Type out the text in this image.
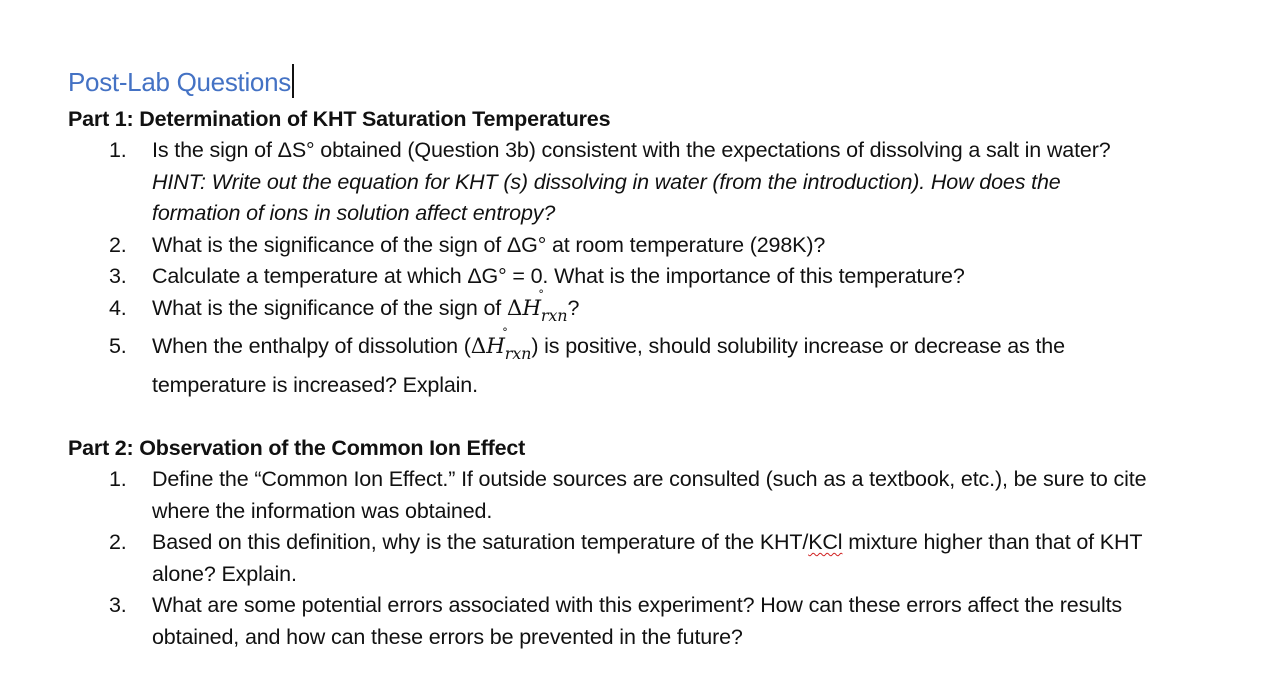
Post-Lab Questions
Part 1: Determination of KHT Saturation Temperatures
1. Is the sign of ΔS° obtained (Question 3b) consistent with the expectations of dissolving a salt in water?
HINT: Write out the equation for KHT (s) dissolving in water (from the introduction). How does the formation of ions in solution affect entropy?
2. What is the significance of the sign of ΔG° at room temperature (298K)?
3. Calculate a temperature at which ΔG° = 0. What is the importance of this temperature?
4. What is the significance of the sign of ΔH
°
$_{rxn}$?
5. When the enthalpy of dissolution (ΔH
°
$_{rxn}$) is positive, should solubility increase or decrease as the temperature is increased? Explain.
Part 2: Observation of the Common Ion Effect
1. Define the “Common Ion Effect.” If outside sources are consulted (such as a textbook, etc.), be sure to cite where the information was obtained.
2. Based on this definition, why is the saturation temperature of the KHT/KCl mixture higher than that of KHT alone? Explain.
3. What are some potential errors associated with this experiment? How can these errors affect the results obtained, and how can these errors be prevented in the future?
